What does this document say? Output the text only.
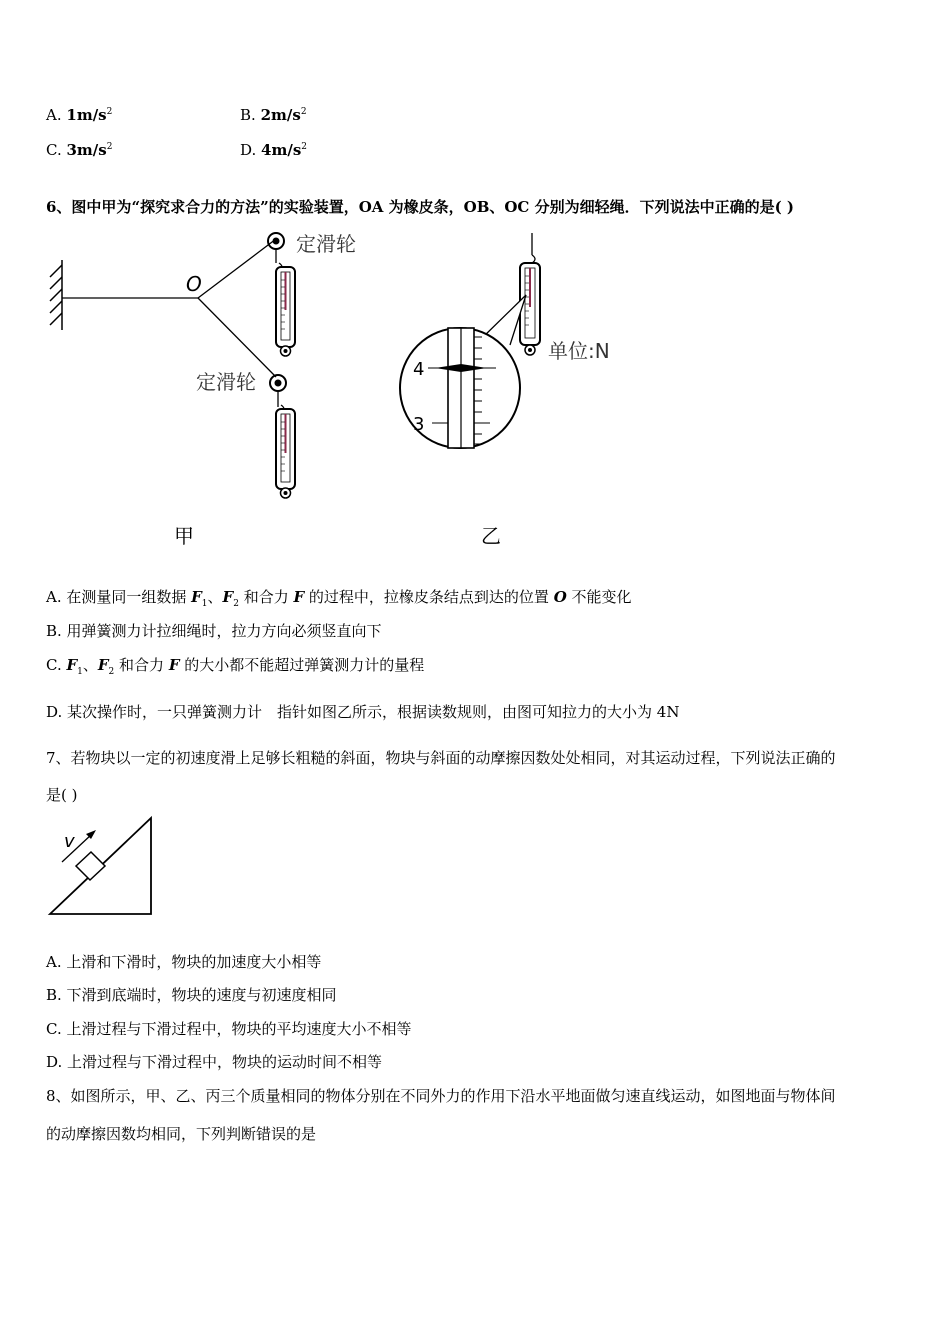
A. $1m/s^2$	B. $2m/s^2$
C. $3m/s^2$	D. $4m/s^2$
6、图中甲为“探究求合力的方法”的实验装置，OA 为橡皮条，OB、OC 分别为细轻绳．下列说法中正确的是( )
O
定滑轮
定滑轮
单位:N
4
3
甲	乙
A. 在测量同一组数据 $F_1$、$F_2$ 和合力 F 的过程中，拉橡皮条结点到达的位置 O 不能变化
B. 用弹簧测力计拉细绳时，拉力方向必须竖直向下
C. $F_1$、$F_2$ 和合力 F 的大小都不能超过弹簧测力计的量程
D. 某次操作时，一只弹簧测力计　指针如图乙所示，根据读数规则，由图可知拉力的大小为 4N
7、若物块以一定的初速度滑上足够长粗糙的斜面，物块与斜面的动摩擦因数处处相同，对其运动过程，下列说法正确的
是( )
v
A. 上滑和下滑时，物块的加速度大小相等
B. 下滑到底端时，物块的速度与初速度相同
C. 上滑过程与下滑过程中，物块的平均速度大小不相等
D. 上滑过程与下滑过程中，物块的运动时间不相等
8、如图所示，甲、乙、丙三个质量相同的物体分别在不同外力的作用下沿水平地面做匀速直线运动，如图地面与物体间
的动摩擦因数均相同，下列判断错误的是
